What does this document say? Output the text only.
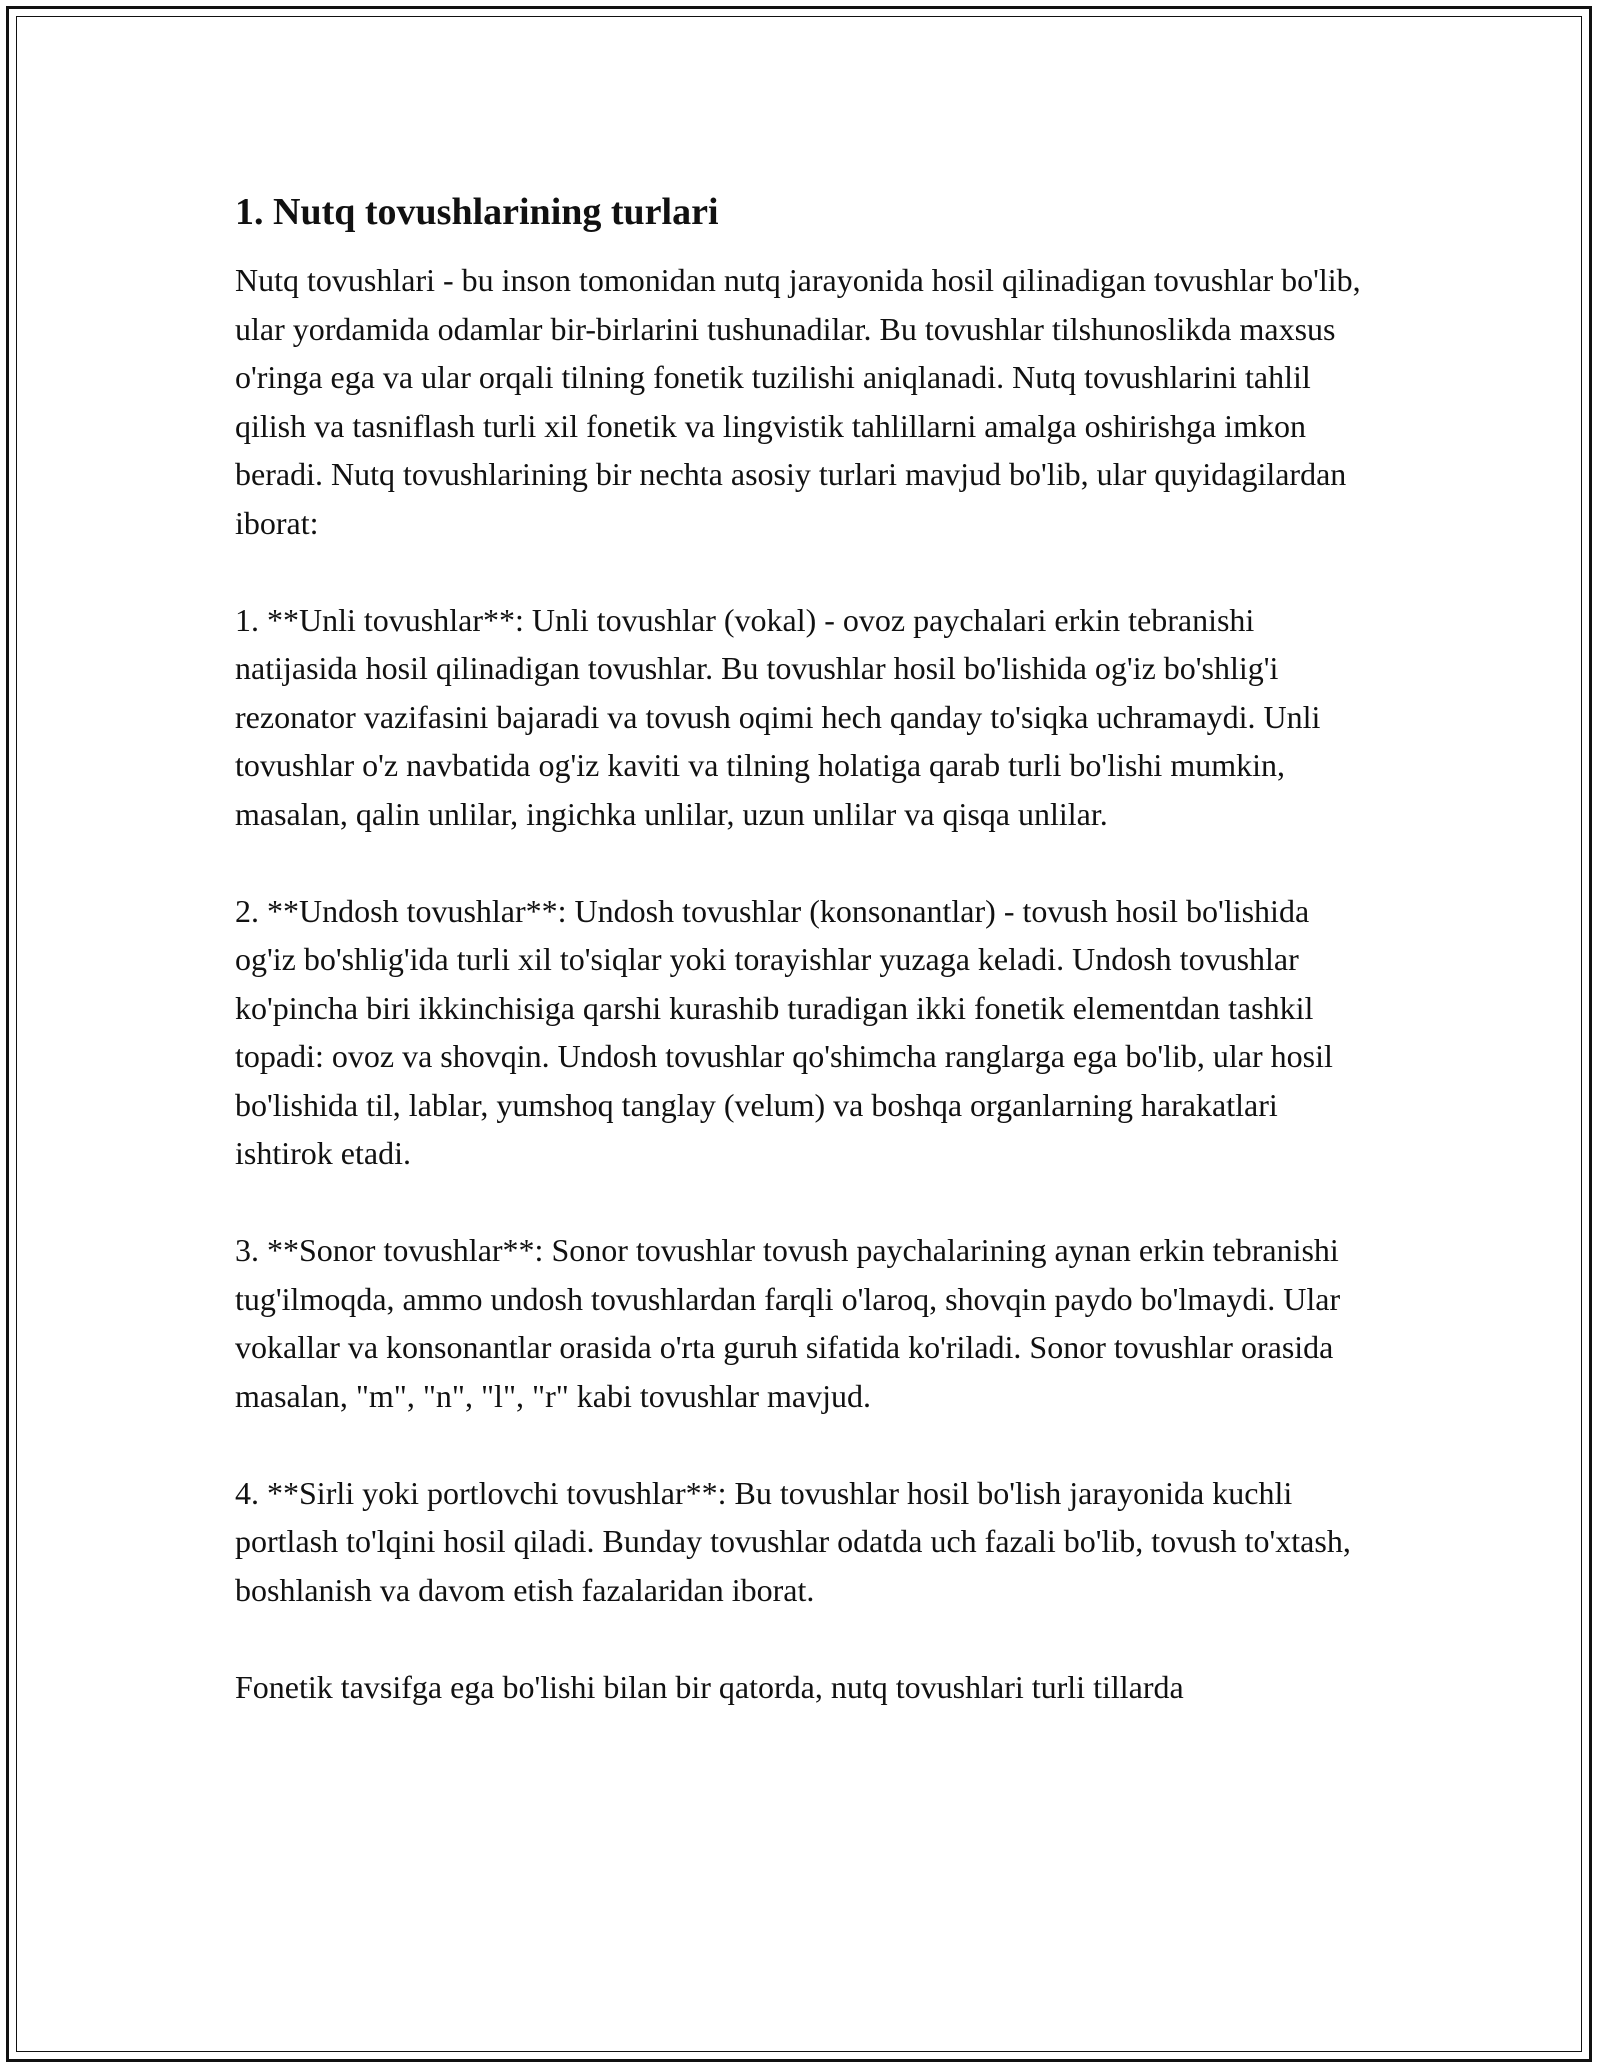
1. Nutq tovushlarining turlari

Nutq tovushlari - bu inson tomonidan nutq jarayonida hosil qilinadigan tovushlar bo'lib, ular yordamida odamlar bir-birlarini tushunadilar. Bu tovushlar tilshunoslikda maxsus o'ringa ega va ular orqali tilning fonetik tuzilishi aniqlanadi. Nutq tovushlarini tahlil qilish va tasniflash turli xil fonetik va lingvistik tahlillarni amalga oshirishga imkon beradi. Nutq tovushlarining bir nechta asosiy turlari mavjud bo'lib, ular quyidagilardan iborat:

1. **Unli tovushlar**: Unli tovushlar (vokal) - ovoz paychalari erkin tebranishi natijasida hosil qilinadigan tovushlar. Bu tovushlar hosil bo'lishida og'iz bo'shlig'i rezonator vazifasini bajaradi va tovush oqimi hech qanday to'siqka uchramaydi. Unli tovushlar o'z navbatida og'iz kaviti va tilning holatiga qarab turli bo'lishi mumkin, masalan, qalin unlilar, ingichka unlilar, uzun unlilar va qisqa unlilar.

2. **Undosh tovushlar**: Undosh tovushlar (konsonantlar) - tovush hosil bo'lishida og'iz bo'shlig'ida turli xil to'siqlar yoki torayishlar yuzaga keladi. Undosh tovushlar ko'pincha biri ikkinchisiga qarshi kurashib turadigan ikki fonetik elementdan tashkil topadi: ovoz va shovqin. Undosh tovushlar qo'shimcha ranglarga ega bo'lib, ular hosil bo'lishida til, lablar, yumshoq tanglay (velum) va boshqa organlarning harakatlari ishtirok etadi.

3. **Sonor tovushlar**: Sonor tovushlar tovush paychalarining aynan erkin tebranishi tug'ilmoqda, ammo undosh tovushlardan farqli o'laroq, shovqin paydo bo'lmaydi. Ular vokallar va konsonantlar orasida o'rta guruh sifatida ko'riladi. Sonor tovushlar orasida masalan, "m", "n", "l", "r" kabi tovushlar mavjud.

4. **Sirli yoki portlovchi tovushlar**: Bu tovushlar hosil bo'lish jarayonida kuchli portlash to'lqini hosil qiladi. Bunday tovushlar odatda uch fazali bo'lib, tovush to'xtash, boshlanish va davom etish fazalaridan iborat.

Fonetik tavsifga ega bo'lishi bilan bir qatorda, nutq tovushlari turli tillarda
